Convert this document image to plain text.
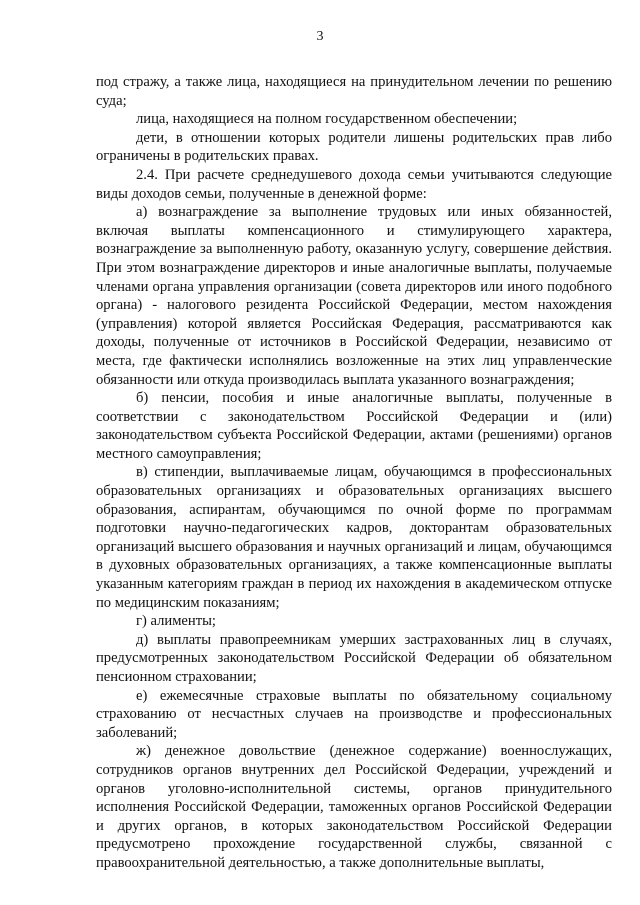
3

под стражу, а также лица, находящиеся на принудительном лечении по решению суда;

лица, находящиеся на полном государственном обеспечении;

дети, в отношении которых родители лишены родительских прав либо ограничены в родительских правах.

2.4. При расчете среднедушевого дохода семьи учитываются следующие виды доходов семьи, полученные в денежной форме:

а) вознаграждение за выполнение трудовых или иных обязанностей, включая выплаты компенсационного и стимулирующего характера, вознаграждение за выполненную работу, оказанную услугу, совершение действия. При этом вознаграждение директоров и иные аналогичные выплаты, получаемые членами органа управления организации (совета директоров или иного подобного органа) - налогового резидента Российской Федерации, местом нахождения (управления) которой является Российская Федерация, рассматриваются как доходы, полученные от источников в Российской Федерации, независимо от места, где фактически исполнялись возложенные на этих лиц управленческие обязанности или откуда производилась выплата указанного вознаграждения;

б) пенсии, пособия и иные аналогичные выплаты, полученные в соответствии с законодательством Российской Федерации и (или) законодательством субъекта Российской Федерации, актами (решениями) органов местного самоуправления;

в) стипендии, выплачиваемые лицам, обучающимся в профессиональных образовательных организациях и образовательных организациях высшего образования, аспирантам, обучающимся по очной форме по программам подготовки научно-педагогических кадров, докторантам образовательных организаций высшего образования и научных организаций и лицам, обучающимся в духовных образовательных организациях, а также компенсационные выплаты указанным категориям граждан в период их нахождения в академическом отпуске по медицинским показаниям;

г) алименты;

д) выплаты правопреемникам умерших застрахованных лиц в случаях, предусмотренных законодательством Российской Федерации об обязательном пенсионном страховании;

е) ежемесячные страховые выплаты по обязательному социальному страхованию от несчастных случаев на производстве и профессиональных заболеваний;

ж) денежное довольствие (денежное содержание) военнослужащих, сотрудников органов внутренних дел Российской Федерации, учреждений и органов уголовно-исполнительной системы, органов принудительного исполнения Российской Федерации, таможенных органов Российской Федерации и других органов, в которых законодательством Российской Федерации предусмотрено прохождение государственной службы, связанной с правоохранительной деятельностью, а также дополнительные выплаты,
